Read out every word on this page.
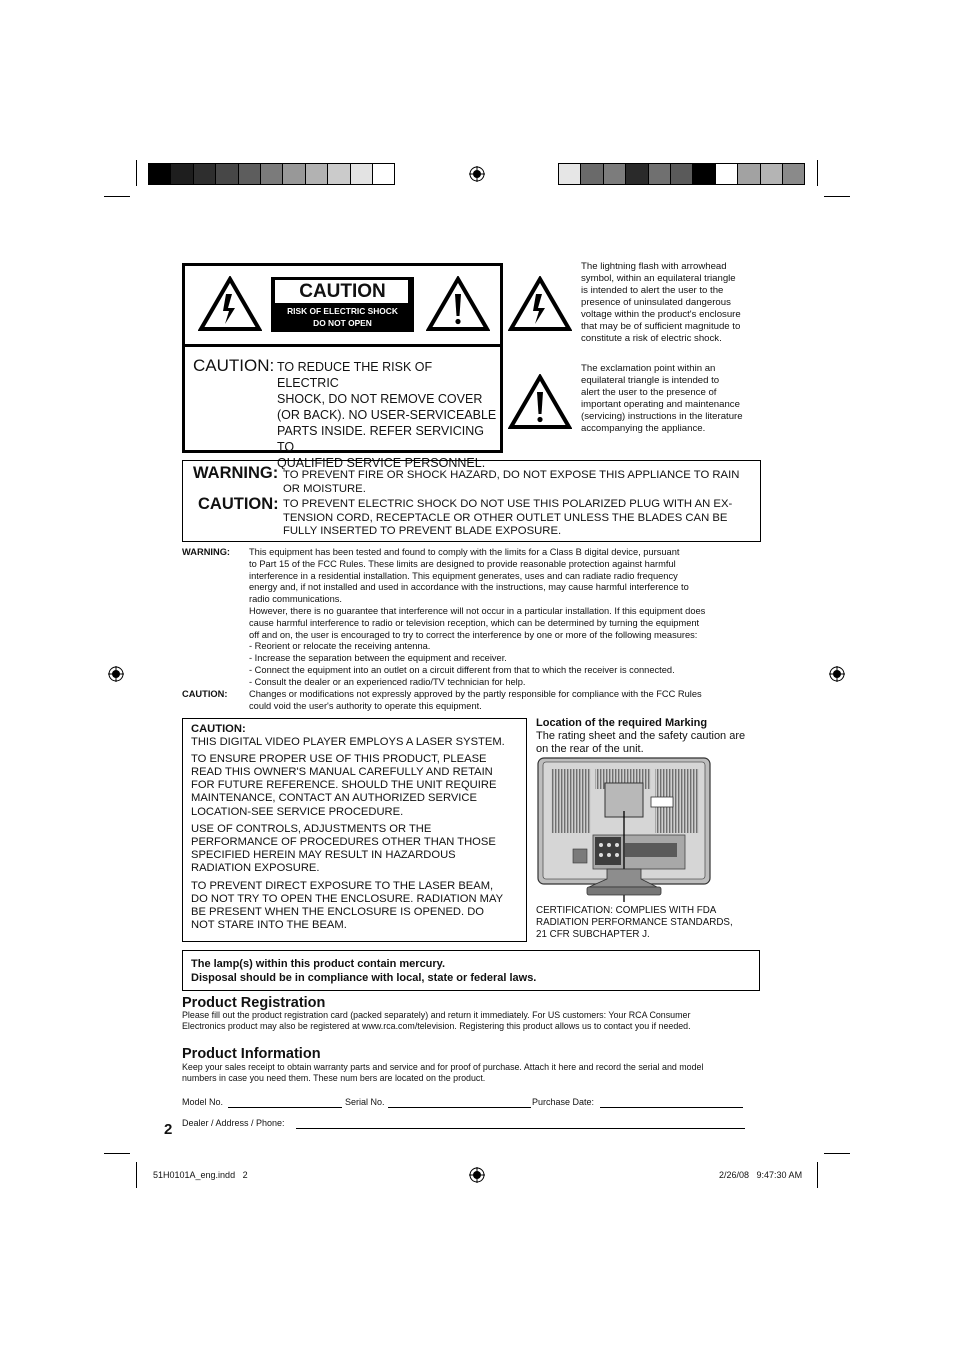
CAUTION
RISK OF ELECTRIC SHOCK
DO NOT OPEN
CAUTION: TO REDUCE THE RISK OF ELECTRIC
SHOCK, DO NOT REMOVE COVER
(OR BACK). NO USER-SERVICEABLE
PARTS INSIDE. REFER SERVICING TO
QUALIFIED SERVICE PERSONNEL.
The lightning flash with arrowhead
symbol, within an equilateral triangle
is intended to alert the user to the
presence of uninsulated dangerous
voltage within the product's enclosure
that may be of sufficient magnitude to
constitute a risk of electric shock.
The exclamation point within an
equilateral triangle is intended to
alert the user to the presence of
important operating and maintenance
(servicing) instructions in the literature
accompanying the appliance.
WARNING: TO PREVENT FIRE OR SHOCK HAZARD, DO NOT EXPOSE THIS APPLIANCE TO RAIN
OR MOISTURE.
CAUTION: TO PREVENT ELECTRIC SHOCK DO NOT USE THIS POLARIZED PLUG WITH AN EX-
TENSION CORD, RECEPTACLE OR OTHER OUTLET UNLESS THE BLADES CAN BE
FULLY INSERTED TO PREVENT BLADE EXPOSURE.
WARNING: This equipment has been tested and found to comply with the limits for a Class B digital device, pursuant
to Part 15 of the FCC Rules. These limits are designed to provide reasonable protection against harmful
interference in a residential installation. This equipment generates, uses and can radiate radio frequency
energy and, if not installed and used in accordance with the instructions, may cause harmful interference to
radio communications.
However, there is no guarantee that interference will not occur in a particular installation. If this equipment does
cause harmful interference to radio or television reception, which can be determined by turning the equipment
off and on, the user is encouraged to try to correct the interference by one or more of the following measures:
- Reorient or relocate the receiving antenna.
- Increase the separation between the equipment and receiver.
- Connect the equipment into an outlet on a circuit different from that to which the receiver is connected.
- Consult the dealer or an experienced radio/TV technician for help.
CAUTION: Changes or modifications not expressly approved by the partly responsible for compliance with the FCC Rules
could void the user's authority to operate this equipment.
CAUTION:
THIS DIGITAL VIDEO PLAYER EMPLOYS A LASER SYSTEM.
TO ENSURE PROPER USE OF THIS PRODUCT, PLEASE
READ THIS OWNER'S MANUAL CAREFULLY AND RETAIN
FOR FUTURE REFERENCE. SHOULD THE UNIT REQUIRE
MAINTENANCE, CONTACT AN AUTHORIZED SERVICE
LOCATION-SEE SERVICE PROCEDURE.
USE OF CONTROLS, ADJUSTMENTS OR THE
PERFORMANCE OF PROCEDURES OTHER THAN THOSE
SPECIFIED HEREIN MAY RESULT IN HAZARDOUS
RADIATION EXPOSURE.
TO PREVENT DIRECT EXPOSURE TO THE LASER BEAM,
DO NOT TRY TO OPEN THE ENCLOSURE. RADIATION MAY
BE PRESENT WHEN THE ENCLOSURE IS OPENED. DO
NOT STARE INTO THE BEAM.
Location of the required Marking
The rating sheet and the safety caution are
on the rear of the unit.
CERTIFICATION: COMPLIES WITH FDA
RADIATION PERFORMANCE STANDARDS,
21 CFR SUBCHAPTER J.
The lamp(s) within this product contain mercury.
Disposal should be in compliance with local, state or federal laws.
Product Registration
Please fill out the product registration card (packed separately) and return it immediately. For US customers: Your RCA Consumer
Electronics product may also be registered at www.rca.com/television. Registering this product allows us to contact you if needed.
Product Information
Keep your sales receipt to obtain warranty parts and service and for proof of purchase. Attach it here and record the serial and model
numbers in case you need them. These num bers are located on the product.
Model No.	Serial No.	Purchase Date:
2 Dealer / Address / Phone:
51H0101A_eng.indd   2	2/26/08   9:47:30 AM
